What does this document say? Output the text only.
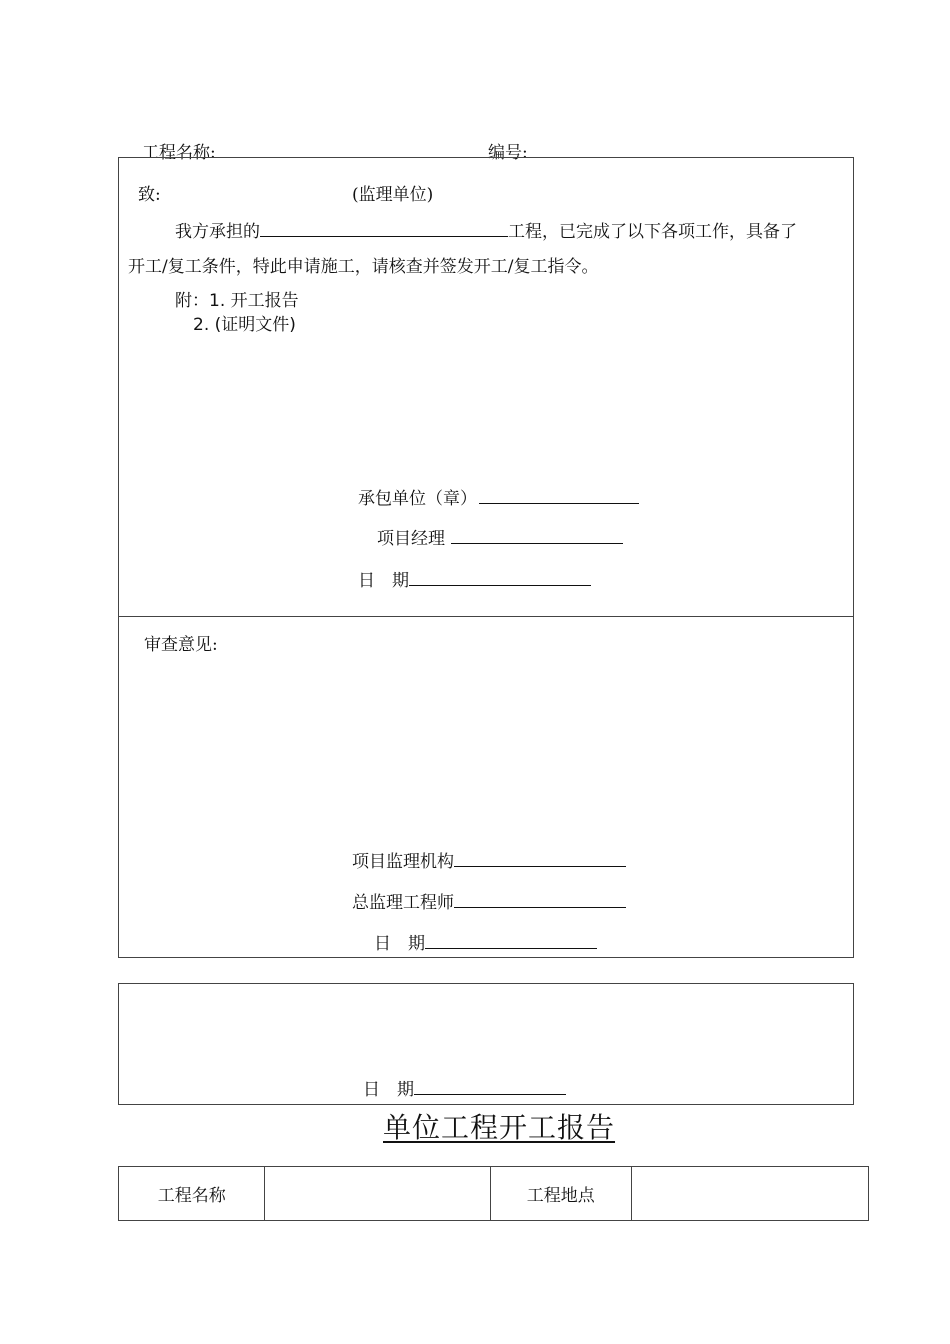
工程名称:	编号:
致:	(监理单位)
我方承担的	工程，已完成了以下各项工作，具备了
开工/复工条件，特此申请施工，请核查并签发开工/复工指令。
附：1. 开工报告
2. (证明文件)
承包单位（章）
项目经理
日　期
审查意见:
项目监理机构
总监理工程师
日　期
日　期
单位工程开工报告
工程名称		工程地点	
